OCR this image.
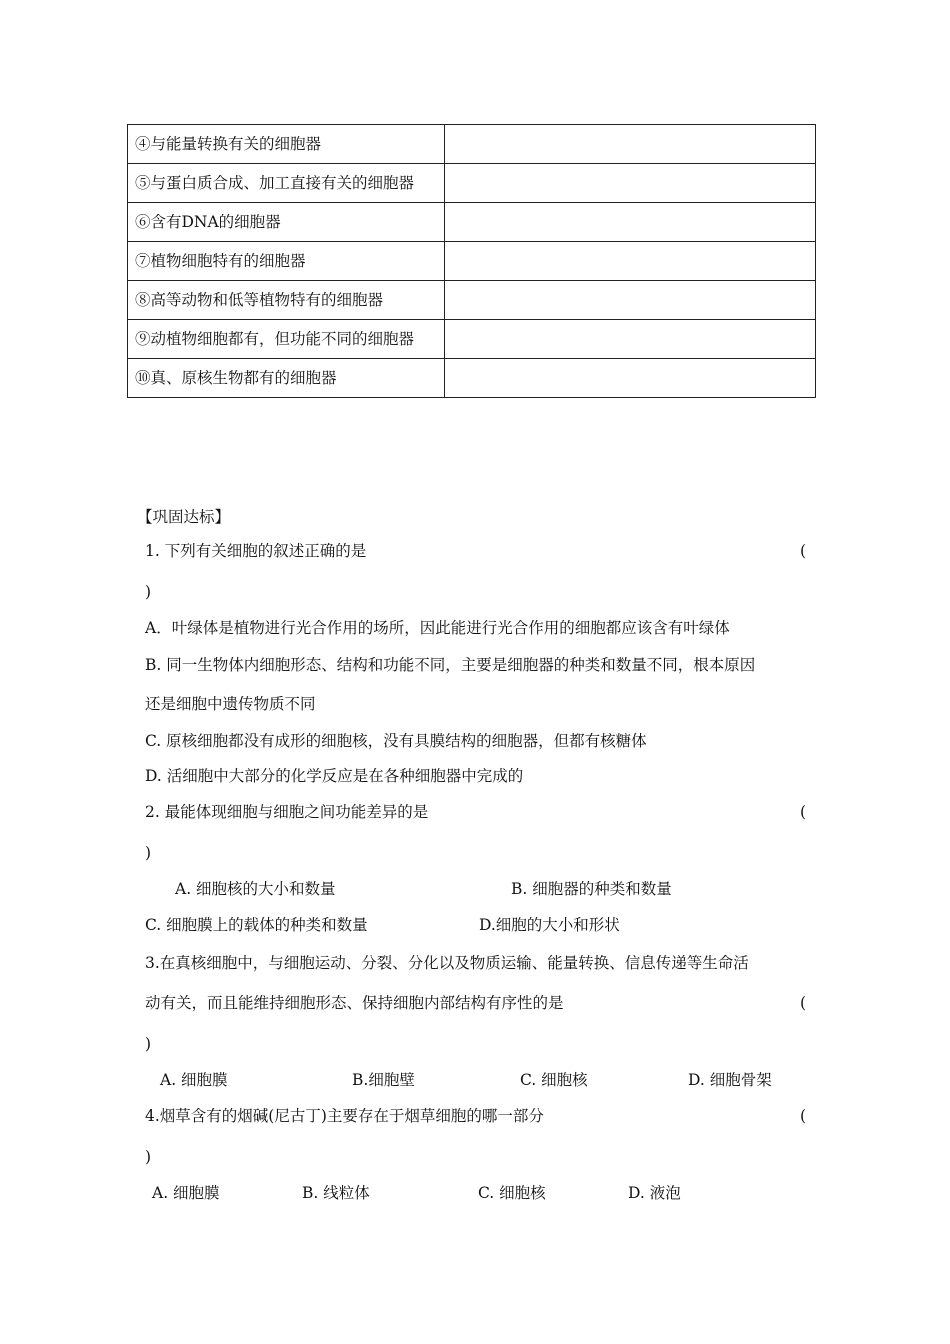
④与能量转换有关的细胞器	
⑤与蛋白质合成、加工直接有关的细胞器	
⑥含有DNA的细胞器	
⑦植物细胞特有的细胞器	
⑧高等动物和低等植物特有的细胞器	
⑨动植物细胞都有，但功能不同的细胞器	
⑩真、原核生物都有的细胞器	
【巩固达标】
1. 下列有关细胞的叙述正确的是	(
)
A．叶绿体是植物进行光合作用的场所，因此能进行光合作用的细胞都应该含有叶绿体
B. 同一生物体内细胞形态、结构和功能不同，主要是细胞器的种类和数量不同，根本原因
还是细胞中遗传物质不同
C. 原核细胞都没有成形的细胞核，没有具膜结构的细胞器，但都有核糖体
D. 活细胞中大部分的化学反应是在各种细胞器中完成的
2. 最能体现细胞与细胞之间功能差异的是	(
)
A. 细胞核的大小和数量	B. 细胞器的种类和数量
C. 细胞膜上的载体的种类和数量	D.细胞的大小和形状
3.在真核细胞中，与细胞运动、分裂、分化以及物质运输、能量转换、信息传递等生命活
动有关，而且能维持细胞形态、保持细胞内部结构有序性的是	(
)
A. 细胞膜	B.细胞壁	C. 细胞核	D. 细胞骨架
4.烟草含有的烟碱(尼古丁)主要存在于烟草细胞的哪一部分	(
)
A. 细胞膜	B. 线粒体	C. 细胞核	D. 液泡
